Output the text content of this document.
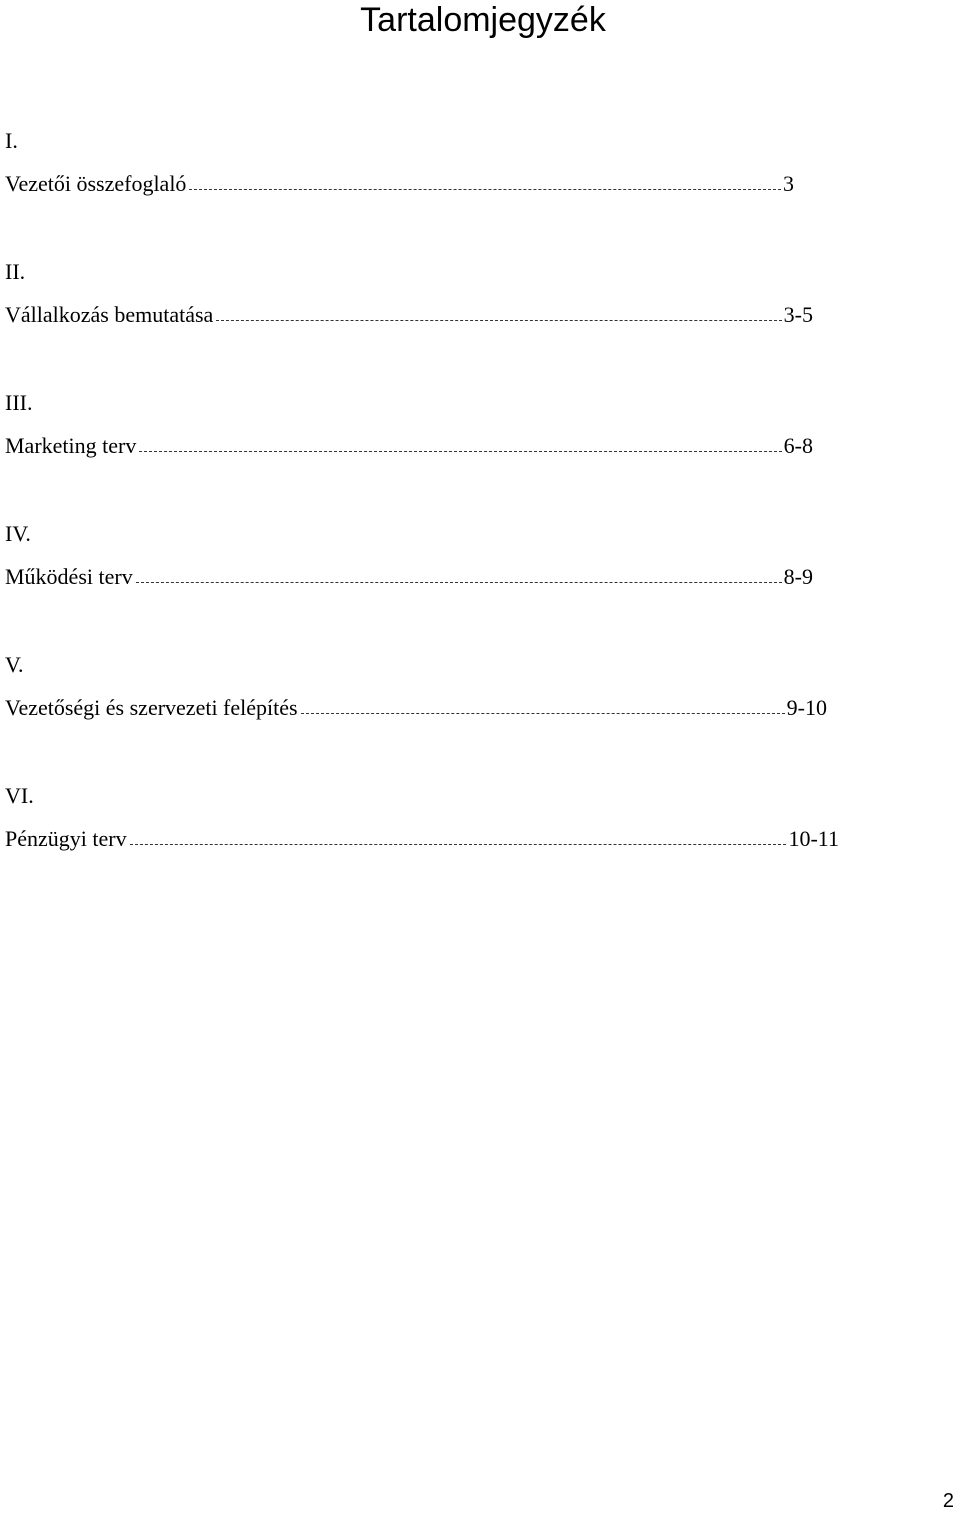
Tartalomjegyzék
I.
Vezetői összefoglaló	3
II.
Vállalkozás bemutatása	3-5
III.
Marketing terv	6-8
IV.
Működési terv	8-9
V.
Vezetőségi és szervezeti felépítés	9-10
VI.
Pénzügyi terv	10-11
2
